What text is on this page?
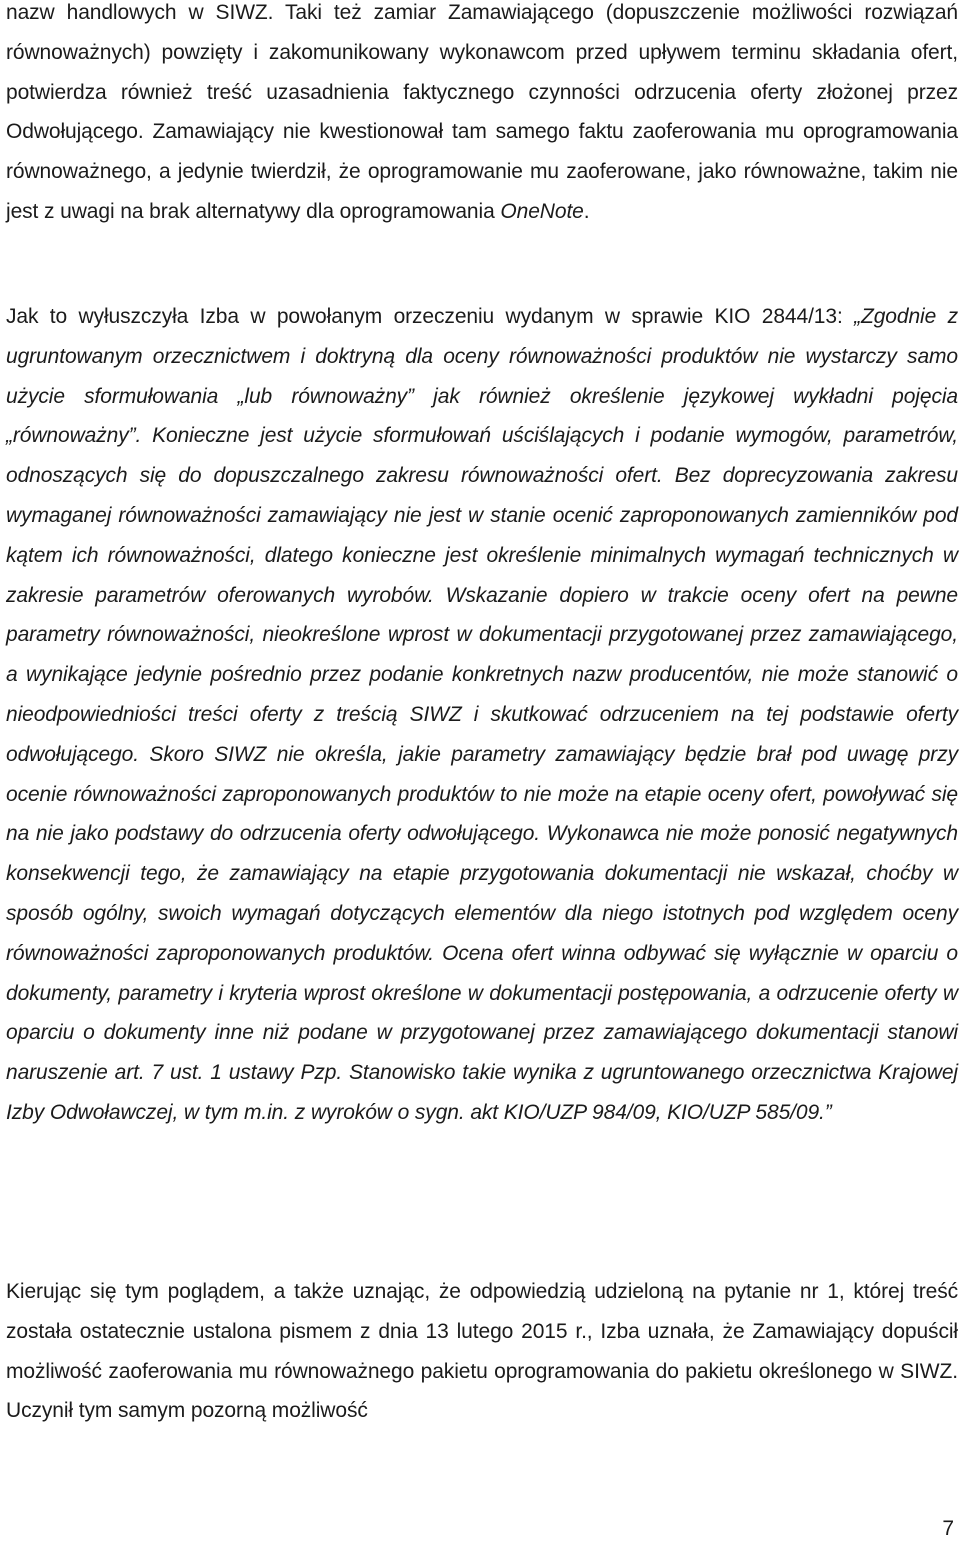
nazw handlowych w SIWZ. Taki też zamiar Zamawiającego (dopuszczenie możliwości rozwiązań równoważnych) powzięty i zakomunikowany wykonawcom przed upływem terminu składania ofert, potwierdza również treść uzasadnienia faktycznego czynności odrzucenia oferty złożonej przez Odwołującego. Zamawiający nie kwestionował tam samego faktu zaoferowania mu oprogramowania równoważnego, a jedynie twierdził, że oprogramowanie mu zaoferowane, jako równoważne, takim nie jest z uwagi na brak alternatywy dla oprogramowania OneNote.

Jak to wyłuszczyła Izba w powołanym orzeczeniu wydanym w sprawie KIO 2844/13: „Zgodnie z ugruntowanym orzecznictwem i doktryną dla oceny równoważności produktów nie wystarczy samo użycie sformułowania „lub równoważny” jak również określenie językowej wykładni pojęcia „równoważny”. Konieczne jest użycie sformułowań uściślających i podanie wymogów, parametrów, odnoszących się do dopuszczalnego zakresu równoważności ofert. Bez doprecyzowania zakresu wymaganej równoważności zamawiający nie jest w stanie ocenić zaproponowanych zamienników pod kątem ich równoważności, dlatego konieczne jest określenie minimalnych wymagań technicznych w zakresie parametrów oferowanych wyrobów. Wskazanie dopiero w trakcie oceny ofert na pewne parametry równoważności, nieokreślone wprost w dokumentacji przygotowanej przez zamawiającego, a wynikające jedynie pośrednio przez podanie konkretnych nazw producentów, nie może stanowić o nieodpowiedniości treści oferty z treścią SIWZ i skutkować odrzuceniem na tej podstawie oferty odwołującego. Skoro SIWZ nie określa, jakie parametry zamawiający będzie brał pod uwagę przy ocenie równoważności zaproponowanych produktów to nie może na etapie oceny ofert, powoływać się na nie jako podstawy do odrzucenia oferty odwołującego. Wykonawca nie może ponosić negatywnych konsekwencji tego, że zamawiający na etapie przygotowania dokumentacji nie wskazał, choćby w sposób ogólny, swoich wymagań dotyczących elementów dla niego istotnych pod względem oceny równoważności zaproponowanych produktów. Ocena ofert winna odbywać się wyłącznie w oparciu o dokumenty, parametry i kryteria wprost określone w dokumentacji postępowania, a odrzucenie oferty w oparciu o dokumenty inne niż podane w przygotowanej przez zamawiającego dokumentacji stanowi naruszenie art. 7 ust. 1 ustawy Pzp. Stanowisko takie wynika z ugruntowanego orzecznictwa Krajowej Izby Odwoławczej, w tym m.in. z wyroków o sygn. akt KIO/UZP 984/09, KIO/UZP 585/09.”

Kierując się tym poglądem, a także uznając, że odpowiedzią udzieloną na pytanie nr 1, której treść została ostatecznie ustalona pismem z dnia 13 lutego 2015 r., Izba uznała, że Zamawiający dopuścił możliwość zaoferowania mu równoważnego pakietu oprogramowania do pakietu określonego w SIWZ. Uczynił tym samym pozorną możliwość

7
